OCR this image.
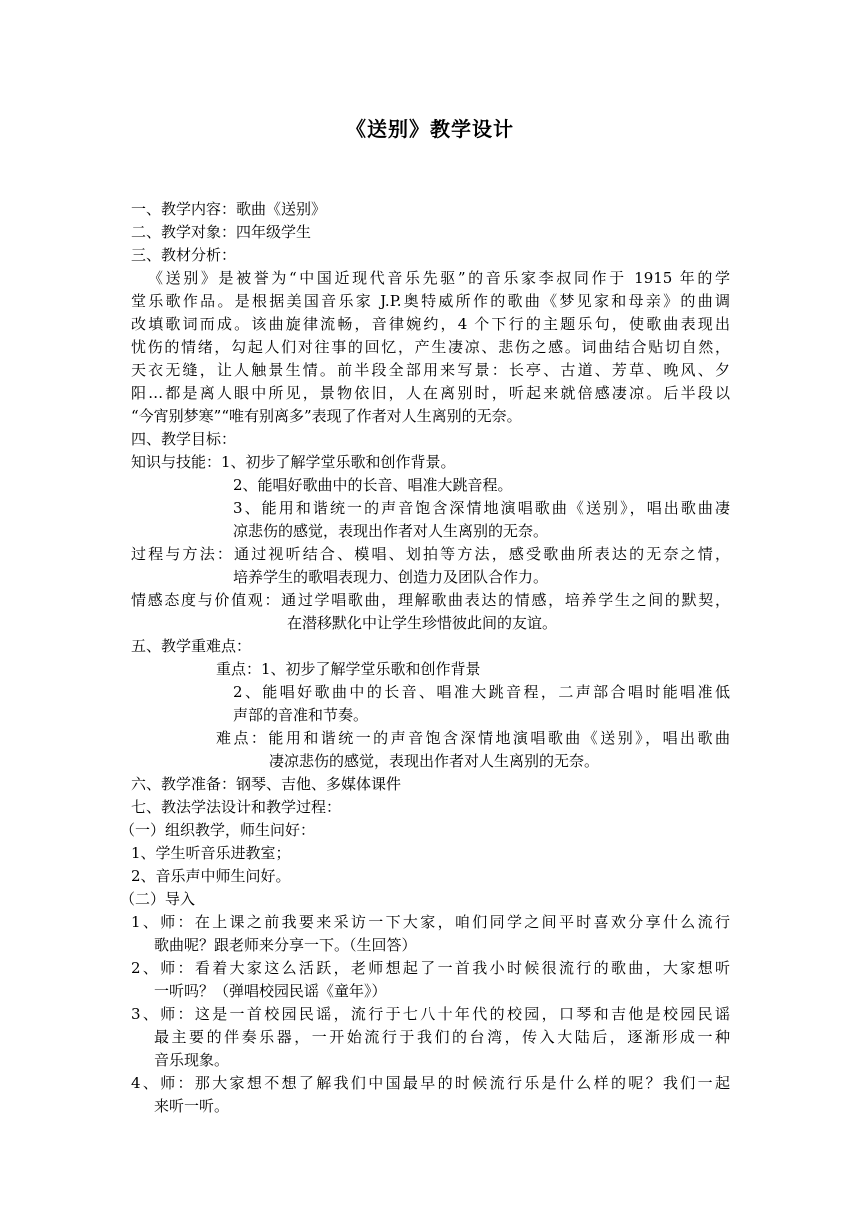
《送别》教学设计
一、教学内容：歌曲《送别》
二、教学对象：四年级学生
三、教材分析：
《送别》是被誉为“中国近现代音乐先驱”的音乐家李叔同作于 1915 年的学
堂乐歌作品。是根据美国音乐家 J.P.奥特威所作的歌曲《梦见家和母亲》的曲调
改填歌词而成。该曲旋律流畅，音律婉约，4 个下行的主题乐句，使歌曲表现出
忧伤的情绪，勾起人们对往事的回忆，产生凄凉、悲伤之感。词曲结合贴切自然，
天衣无缝，让人触景生情。前半段全部用来写景：长亭、古道、芳草、晚风、夕
阳…都是离人眼中所见，景物依旧，人在离别时，听起来就倍感凄凉。后半段以
“今宵别梦寒”“唯有别离多”表现了作者对人生离别的无奈。
四、教学目标：
知识与技能：1、初步了解学堂乐歌和创作背景。
2、能唱好歌曲中的长音、唱准大跳音程。
3、能用和谐统一的声音饱含深情地演唱歌曲《送别》，唱出歌曲凄
凉悲伤的感觉，表现出作者对人生离别的无奈。
过程与方法：通过视听结合、模唱、划拍等方法，感受歌曲所表达的无奈之情，
培养学生的歌唱表现力、创造力及团队合作力。
情感态度与价值观：通过学唱歌曲，理解歌曲表达的情感，培养学生之间的默契，
在潜移默化中让学生珍惜彼此间的友谊。
五、教学重难点：
重点：1、初步了解学堂乐歌和创作背景
2、能唱好歌曲中的长音、唱准大跳音程，二声部合唱时能唱准低
声部的音准和节奏。
难点：能用和谐统一的声音饱含深情地演唱歌曲《送别》，唱出歌曲
凄凉悲伤的感觉，表现出作者对人生离别的无奈。
六、教学准备：钢琴、吉他、多媒体课件
七、教法学法设计和教学过程：
（一）组织教学，师生问好：
1、学生听音乐进教室；
2、音乐声中师生问好。
（二）导入
1、师：在上课之前我要来采访一下大家，咱们同学之间平时喜欢分享什么流行
歌曲呢？跟老师来分享一下。（生回答）
2、师：看着大家这么活跃，老师想起了一首我小时候很流行的歌曲，大家想听
一听吗？（弹唱校园民谣《童年》）
3、师：这是一首校园民谣，流行于七八十年代的校园，口琴和吉他是校园民谣
最主要的伴奏乐器，一开始流行于我们的台湾，传入大陆后，逐渐形成一种
音乐现象。
4、师：那大家想不想了解我们中国最早的时候流行乐是什么样的呢？我们一起
来听一听。
